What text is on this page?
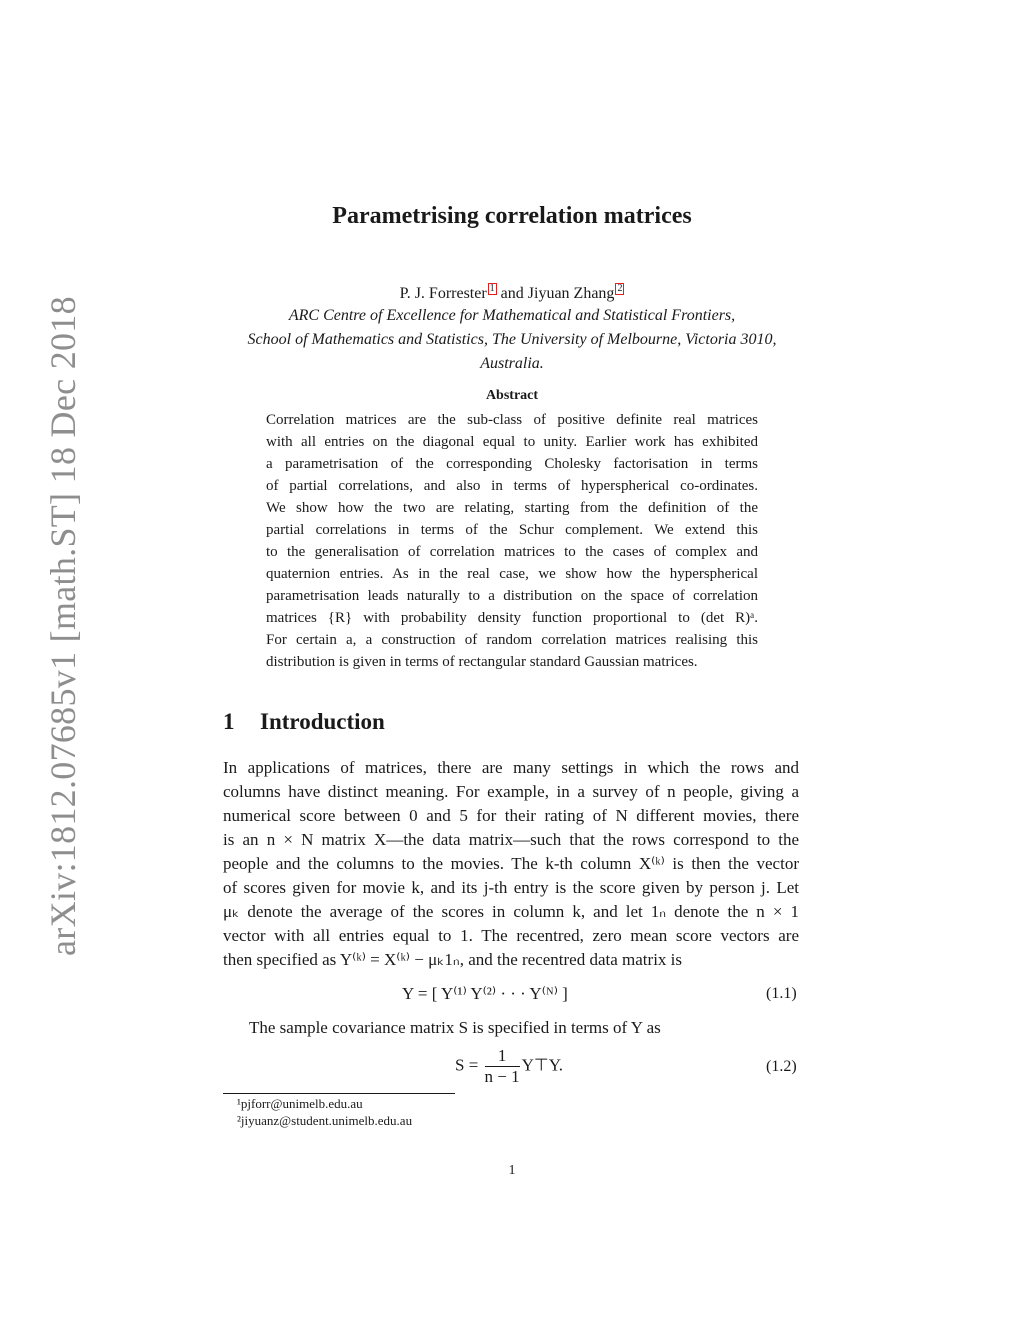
arXiv:1812.07685v1 [math.ST] 18 Dec 2018
Parametrising correlation matrices
P. J. Forrester 1 and Jiyuan Zhang 2
ARC Centre of Excellence for Mathematical and Statistical Frontiers,
School of Mathematics and Statistics, The University of Melbourne, Victoria 3010,
Australia.
Abstract
Correlation matrices are the sub-class of positive definite real matrices
with all entries on the diagonal equal to unity. Earlier work has exhibited
a parametrisation of the corresponding Cholesky factorisation in terms
of partial correlations, and also in terms of hyperspherical co-ordinates.
We show how the two are relating, starting from the definition of the
partial correlations in terms of the Schur complement. We extend this
to the generalisation of correlation matrices to the cases of complex and
quaternion entries. As in the real case, we show how the hyperspherical
parametrisation leads naturally to a distribution on the space of correlation
matrices {R} with probability density function proportional to (det R)ᵃ.
For certain a, a construction of random correlation matrices realising this
distribution is given in terms of rectangular standard Gaussian matrices.
1 Introduction
In applications of matrices, there are many settings in which the rows and
columns have distinct meaning. For example, in a survey of n people, giving a
numerical score between 0 and 5 for their rating of N different movies, there
is an n × N matrix X—the data matrix—such that the rows correspond to the
people and the columns to the movies. The k-th column X⁽ᵏ⁾ is then the vector
of scores given for movie k, and its j-th entry is the score given by person j. Let
μₖ denote the average of the scores in column k, and let 1ₙ denote the n × 1
vector with all entries equal to 1. The recentred, zero mean score vectors are
then specified as Y⁽ᵏ⁾ = X⁽ᵏ⁾ − μₖ1ₙ, and the recentred data matrix is
Y = [ Y⁽¹⁾ Y⁽²⁾ · · · Y⁽ᴺ⁾ ]	(1.1)
The sample covariance matrix S is specified in terms of Y as
$S = \frac{1}{n - 1}$ Y⊤Y.	(1.2)
¹pjforr@unimelb.edu.au
²jiyuanz@student.unimelb.edu.au
1
